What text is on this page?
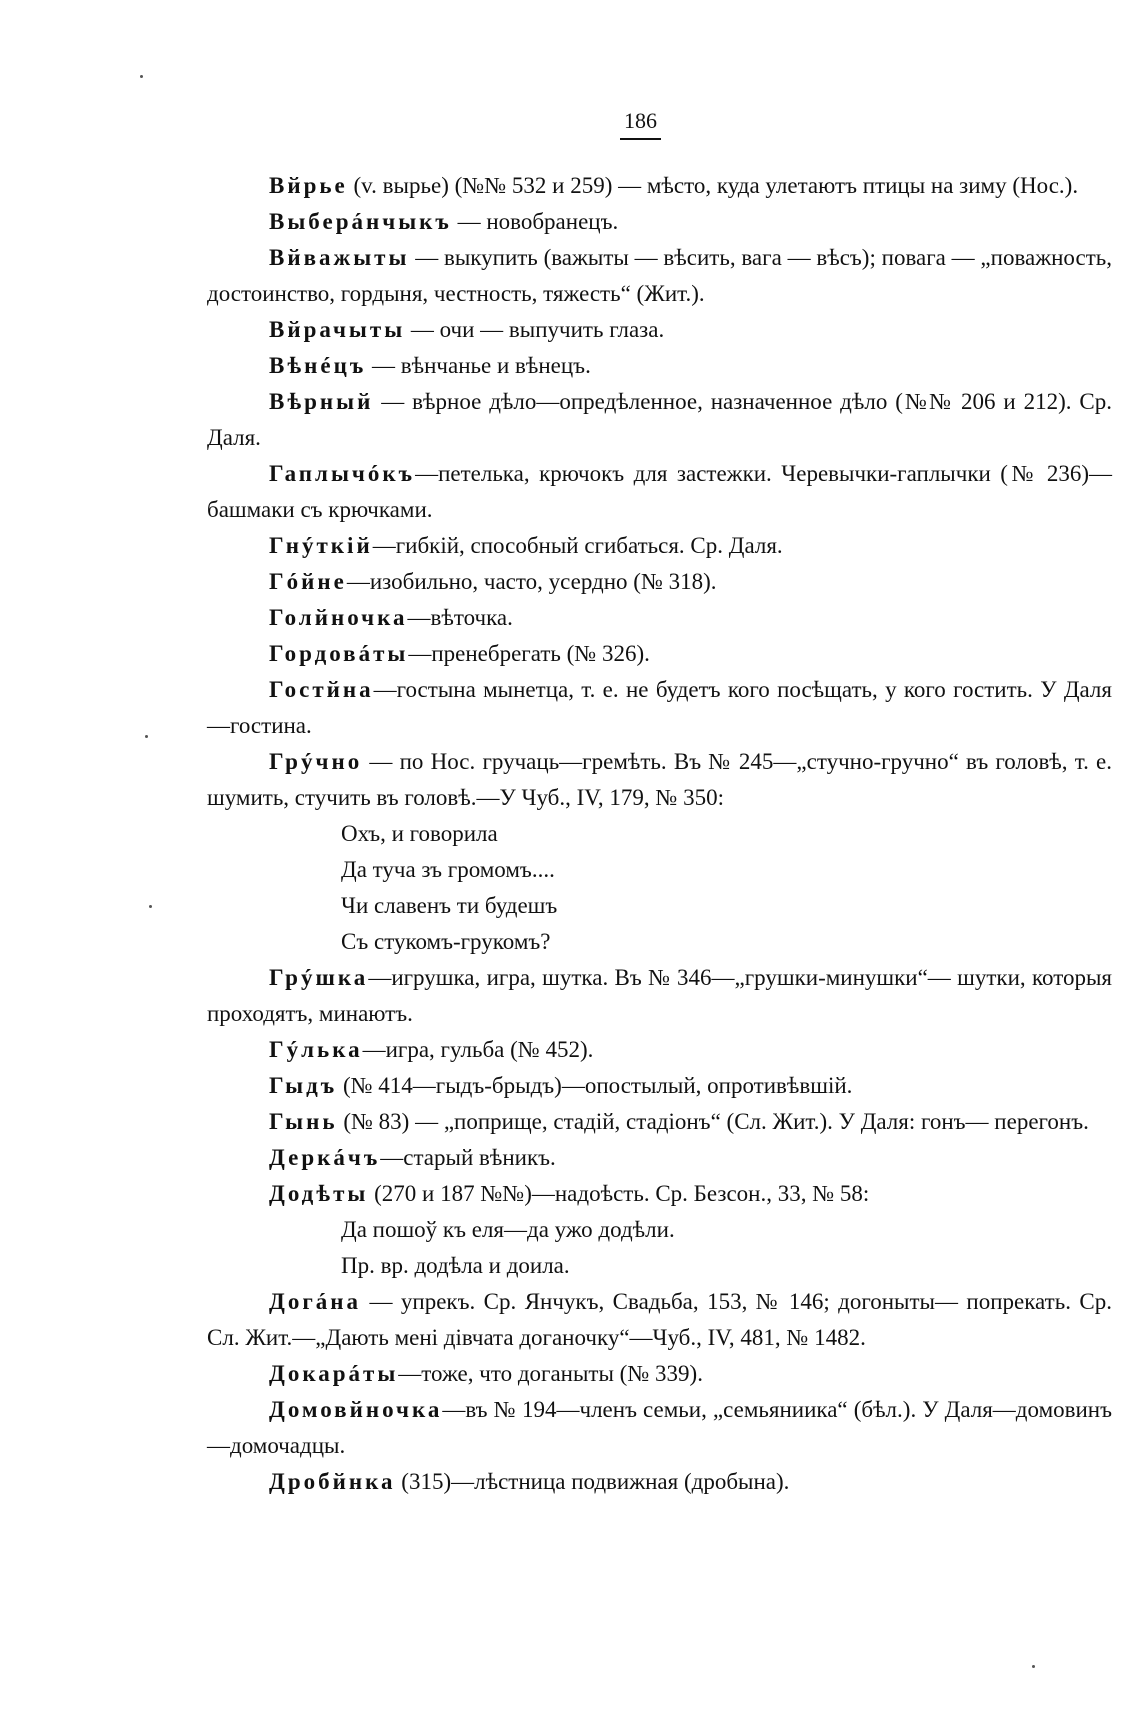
186

Вйрье (v. вырье) (№№ 532 и 259) — мѣсто, куда улетаютъ птицы на зиму (Нос.).

Выберáнчыкъ — новобранецъ.

Вйважыты — выкупить (важыты — вѣсить, вага — вѣсъ); повага — „поважность, достоинство, гордыня, честность, тяжесть“ (Жит.).

Вйрачыты — очи — выпучить глаза.

Вѣнéцъ — вѣнчанье и вѣнецъ.

Вѣрный — вѣрное дѣло—опредѣленное, назначенное дѣло (№№ 206 и 212). Ср. Даля.

Гаплычóкъ—петелька, крючокъ для застежки. Черевычки-гаплычки (№ 236)—башмаки съ крючками.

Гнýткій—гибкій, способный сгибаться. Ср. Даля.

Гóйне—изобильно, часто, усердно (№ 318).

Голйночка—вѣточка.

Гордовáты—пренебрегать (№ 326).

Гостйна—гостына мынетца, т. е. не будетъ кого посѣщать, у кого гостить. У Даля—гостина.

Грýчно — по Нос. гручаць—гремѣть. Въ № 245—„стучно-гручно“ въ головѣ, т. е. шумить, стучить въ головѣ.—У Чуб., IV, 179, № 350:

Охъ, и говорила

Да туча зъ громомъ....

Чи славенъ ти будешъ

Съ стукомъ-грукомъ?

Грýшка—игрушка, игра, шутка. Въ № 346—„грушки-минушки“— шутки, которыя проходятъ, минаютъ.

Гýлька—игра, гульба (№ 452).

Гыдъ (№ 414—гыдъ-брыдъ)—опостылый, опротивѣвшій.

Гынь (№ 83) — „поприще, стадій, стадіонъ“ (Сл. Жит.). У Даля: гонъ— перегонъ.

Деркáчъ—старый вѣникъ.

Додѣты (270 и 187 №№)—надоѣсть. Ср. Безсон., 33, № 58:

Да пошоў къ еля—да ужо додѣли.

Пр. вр. додѣла и доила.

Догáна — упрекъ. Ср. Янчукъ, Свадьба, 153, № 146; догоныты— попрекать. Ср. Сл. Жит.—„Дають мені дівчата доганочку“—Чуб., IV, 481, № 1482.

Докарáты—тоже, что доганыты (№ 339).

Домовйночка—въ № 194—членъ семьи, „семьяниика“ (бѣл.). У Даля—домовинъ—домочадцы.

Дробйнка (315)—лѣстница подвижная (дробына).
